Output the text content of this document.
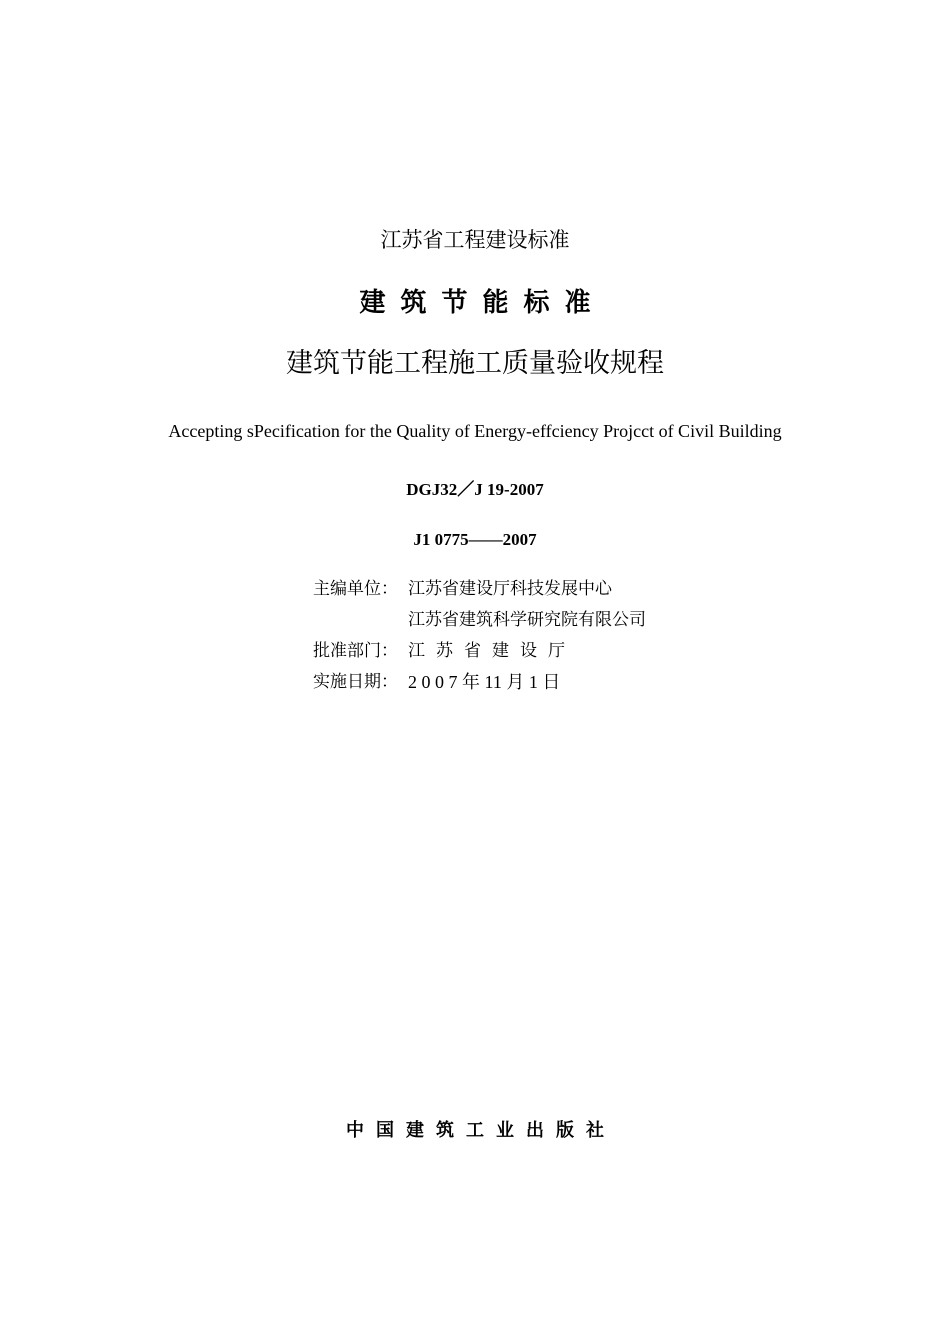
江苏省工程建设标准
建筑节能标准
建筑节能工程施工质量验收规程
Accepting sPecification for the Quality of Energy-effciency Projcct of Civil Building
DGJ32／J 19-2007
J1 0775——2007
主编单位： 江苏省建设厅科技发展中心
江苏省建筑科学研究院有限公司
批准部门： 江苏省建设厅
实施日期： 2 0 0 7 年 11 月 1 日
中国建筑工业出版社
